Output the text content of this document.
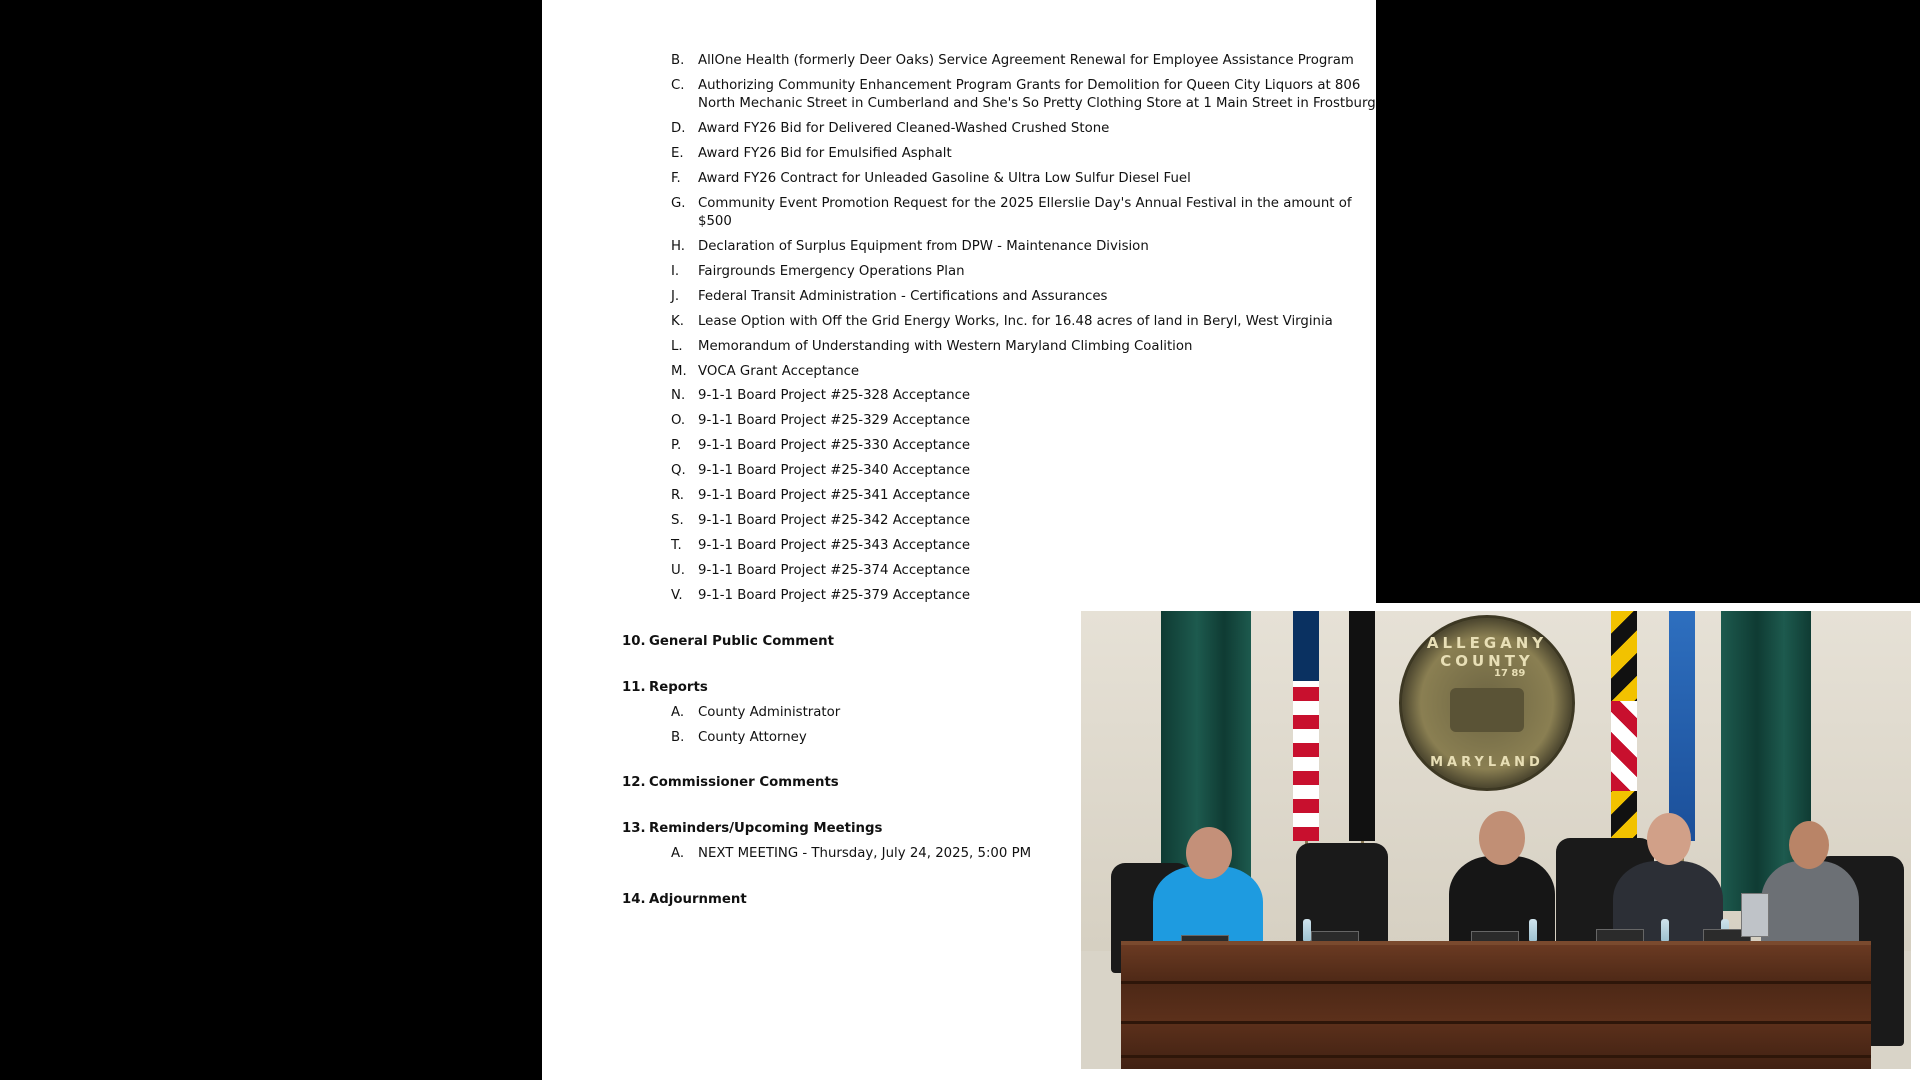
B. AllOne Health (formerly Deer Oaks) Service Agreement Renewal for Employee Assistance Program
C. Authorizing Community Enhancement Program Grants for Demolition for Queen City Liquors at 806
North Mechanic Street in Cumberland and She's So Pretty Clothing Store at 1 Main Street in Frostburg
D. Award FY26 Bid for Delivered Cleaned-Washed Crushed Stone
E. Award FY26 Bid for Emulsified Asphalt
F. Award FY26 Contract for Unleaded Gasoline & Ultra Low Sulfur Diesel Fuel
G. Community Event Promotion Request for the 2025 Ellerslie Day's Annual Festival in the amount of
$500
H. Declaration of Surplus Equipment from DPW - Maintenance Division
I. Fairgrounds Emergency Operations Plan
J. Federal Transit Administration - Certifications and Assurances
K. Lease Option with Off the Grid Energy Works, Inc. for 16.48 acres of land in Beryl, West Virginia
L. Memorandum of Understanding with Western Maryland Climbing Coalition
M. VOCA Grant Acceptance
N. 9-1-1 Board Project #25-328 Acceptance
O. 9-1-1 Board Project #25-329 Acceptance
P. 9-1-1 Board Project #25-330 Acceptance
Q. 9-1-1 Board Project #25-340 Acceptance
R. 9-1-1 Board Project #25-341 Acceptance
S. 9-1-1 Board Project #25-342 Acceptance
T. 9-1-1 Board Project #25-343 Acceptance
U. 9-1-1 Board Project #25-374 Acceptance
V. 9-1-1 Board Project #25-379 Acceptance
10. General Public Comment
11. Reports
A. County Administrator
B. County Attorney
12. Commissioner Comments
13. Reminders/Upcoming Meetings
A. NEXT MEETING - Thursday, July 24, 2025, 5:00 PM
14. Adjournment
ALLEGANY COUNTY
17 89
MARYLAND
